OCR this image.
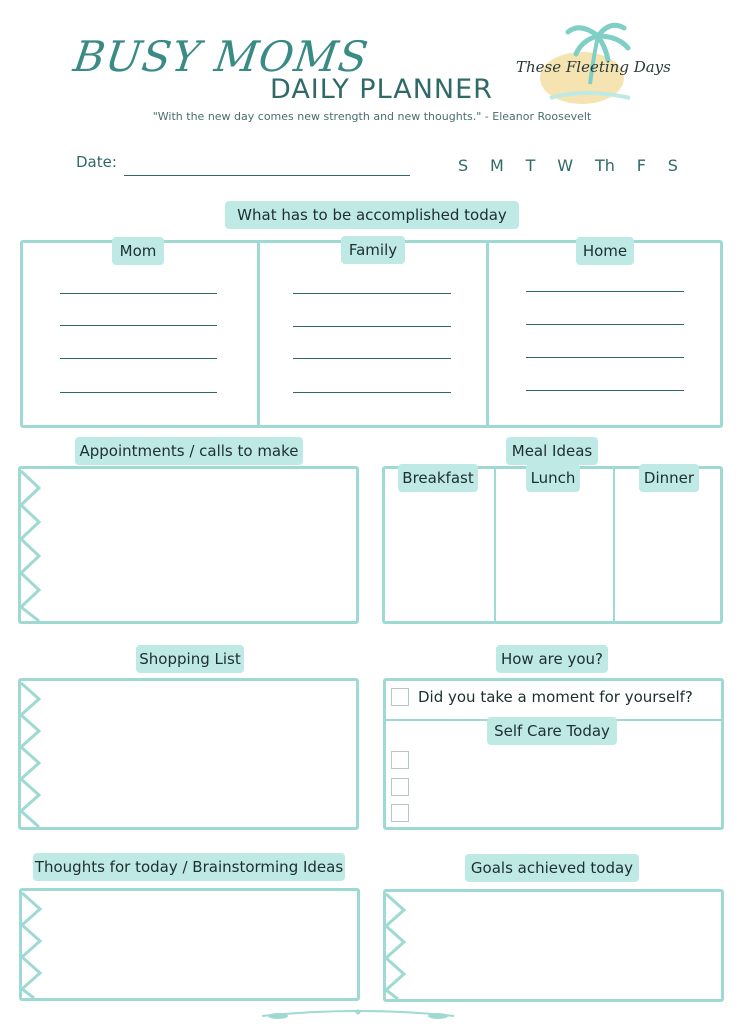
BUSY MOMS
DAILY PLANNER
"With the new day comes new strength and new thoughts." - Eleanor Roosevelt
These Fleeting Days
Date:	S M T W Th F S
What has to be accomplished today
Mom	Family	Home
Appointments / calls to make	Meal Ideas
Breakfast	Lunch	Dinner
Shopping List	How are you?
Did you take a moment for yourself?
Self Care Today
Thoughts for today / Brainstorming Ideas	Goals achieved today
